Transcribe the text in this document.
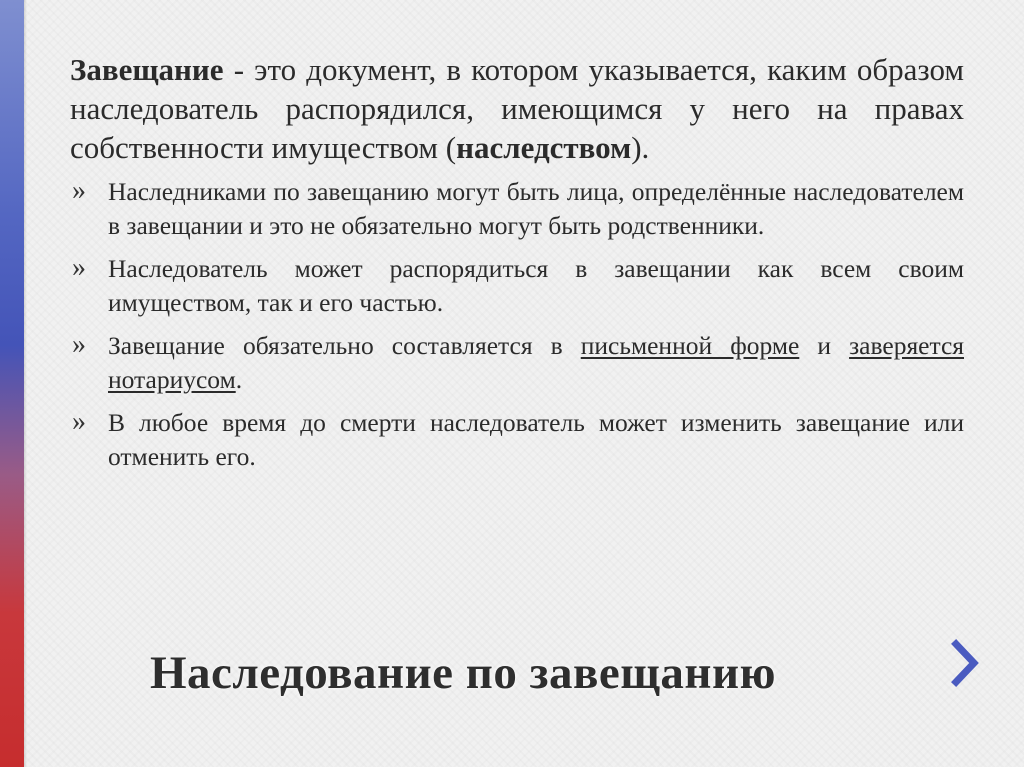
Завещание - это документ, в котором указывается, каким образом наследователь распорядился, имеющимся у него на правах собственности имуществом (наследством).

» Наследниками по завещанию могут быть лица, определённые наследователем в завещании и это не обязательно могут быть родственники.
» Наследователь может распорядиться в завещании как всем своим имуществом, так и его частью.
» Завещание обязательно составляется в письменной форме и заверяется нотариусом.
» В любое время до смерти наследователь может изменить завещание или отменить его.
Наследование по завещанию
